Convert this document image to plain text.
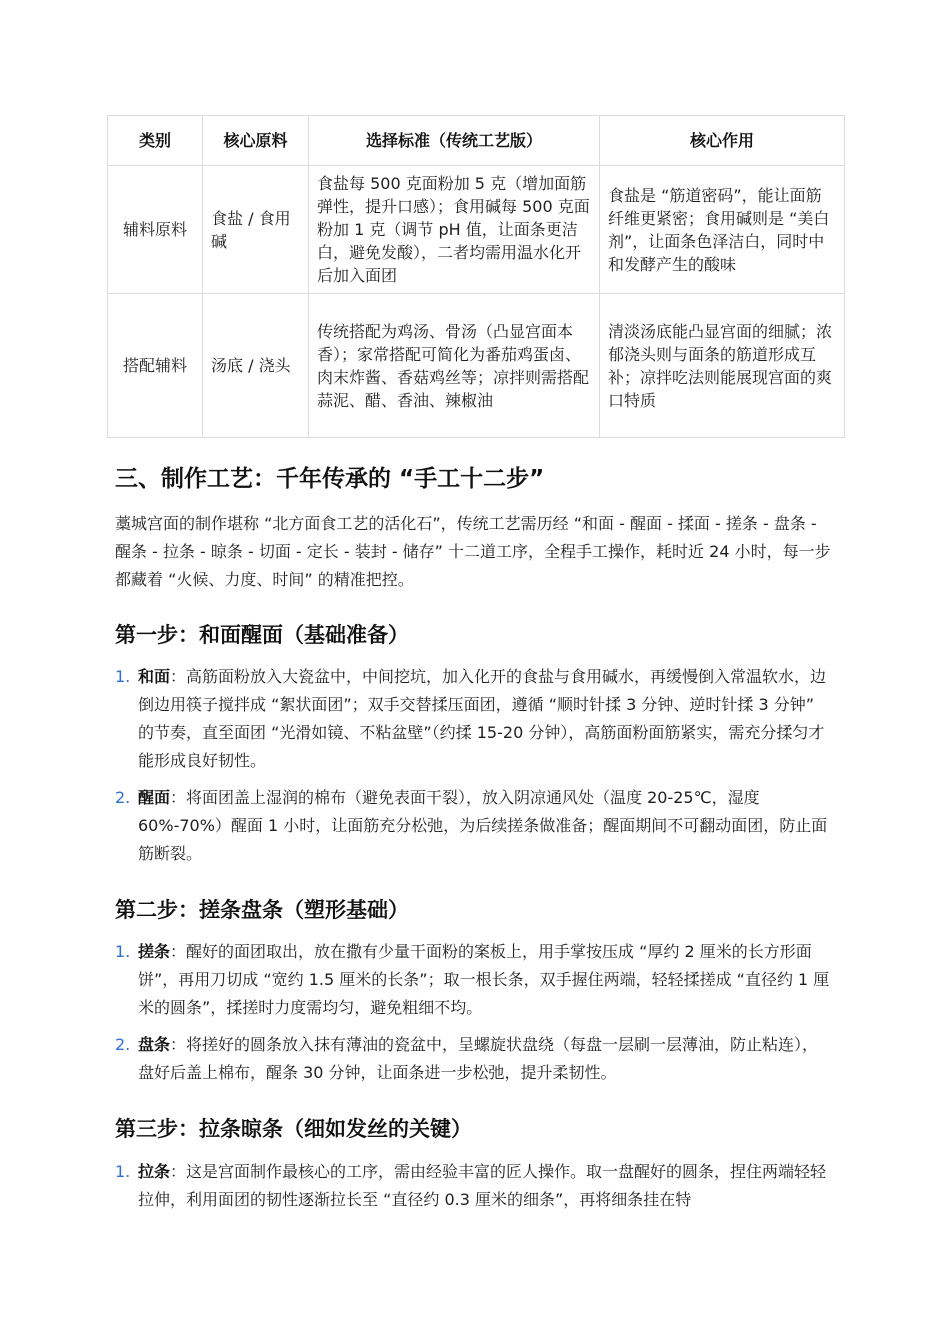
类别	核心原料	选择标准（传统工艺版）	核心作用
辅料原料	食盐 / 食用碱	食盐每 500 克面粉加 5 克（增加面筋弹性，提升口感）；食用碱每 500 克面粉加 1 克（调节 pH 值，让面条更洁白，避免发酸），二者均需用温水化开后加入面团	食盐是 “筋道密码”，能让面筋纤维更紧密；食用碱则是 “美白剂”，让面条色泽洁白，同时中和发酵产生的酸味
搭配辅料	汤底 / 浇头	传统搭配为鸡汤、骨汤（凸显宫面本香）；家常搭配可简化为番茄鸡蛋卤、肉末炸酱、香菇鸡丝等；凉拌则需搭配蒜泥、醋、香油、辣椒油	清淡汤底能凸显宫面的细腻；浓郁浇头则与面条的筋道形成互补；凉拌吃法则能展现宫面的爽口特质
三、制作工艺：千年传承的 “手工十二步”

藁城宫面的制作堪称 “北方面食工艺的活化石”，传统工艺需历经 “和面 - 醒面 - 揉面 - 搓条 - 盘条 - 醒条 - 拉条 - 晾条 - 切面 - 定长 - 装封 - 储存” 十二道工序，全程手工操作，耗时近 24 小时，每一步都藏着 “火候、力度、时间” 的精准把控。

第一步：和面醒面（基础准备）
1. 和面：高筋面粉放入大瓷盆中，中间挖坑，加入化开的食盐与食用碱水，再缓慢倒入常温软水，边倒边用筷子搅拌成 “絮状面团”；双手交替揉压面团，遵循 “顺时针揉 3 分钟、逆时针揉 3 分钟” 的节奏，直至面团 “光滑如镜、不粘盆壁”（约揉 15-20 分钟），高筋面粉面筋紧实，需充分揉匀才能形成良好韧性。
2. 醒面：将面团盖上湿润的棉布（避免表面干裂），放入阴凉通风处（温度 20-25℃，湿度 60%-70%）醒面 1 小时，让面筋充分松弛，为后续搓条做准备；醒面期间不可翻动面团，防止面筋断裂。
第二步：搓条盘条（塑形基础）
1. 搓条：醒好的面团取出，放在撒有少量干面粉的案板上，用手掌按压成 “厚约 2 厘米的长方形面饼”，再用刀切成 “宽约 1.5 厘米的长条”；取一根长条，双手握住两端，轻轻揉搓成 “直径约 1 厘米的圆条”，揉搓时力度需均匀，避免粗细不均。
2. 盘条：将搓好的圆条放入抹有薄油的瓷盆中，呈螺旋状盘绕（每盘一层刷一层薄油，防止粘连），盘好后盖上棉布，醒条 30 分钟，让面条进一步松弛，提升柔韧性。
第三步：拉条晾条（细如发丝的关键）
1. 拉条：这是宫面制作最核心的工序，需由经验丰富的匠人操作。取一盘醒好的圆条，捏住两端轻轻拉伸，利用面团的韧性逐渐拉长至 “直径约 0.3 厘米的细条”，再将细条挂在特
